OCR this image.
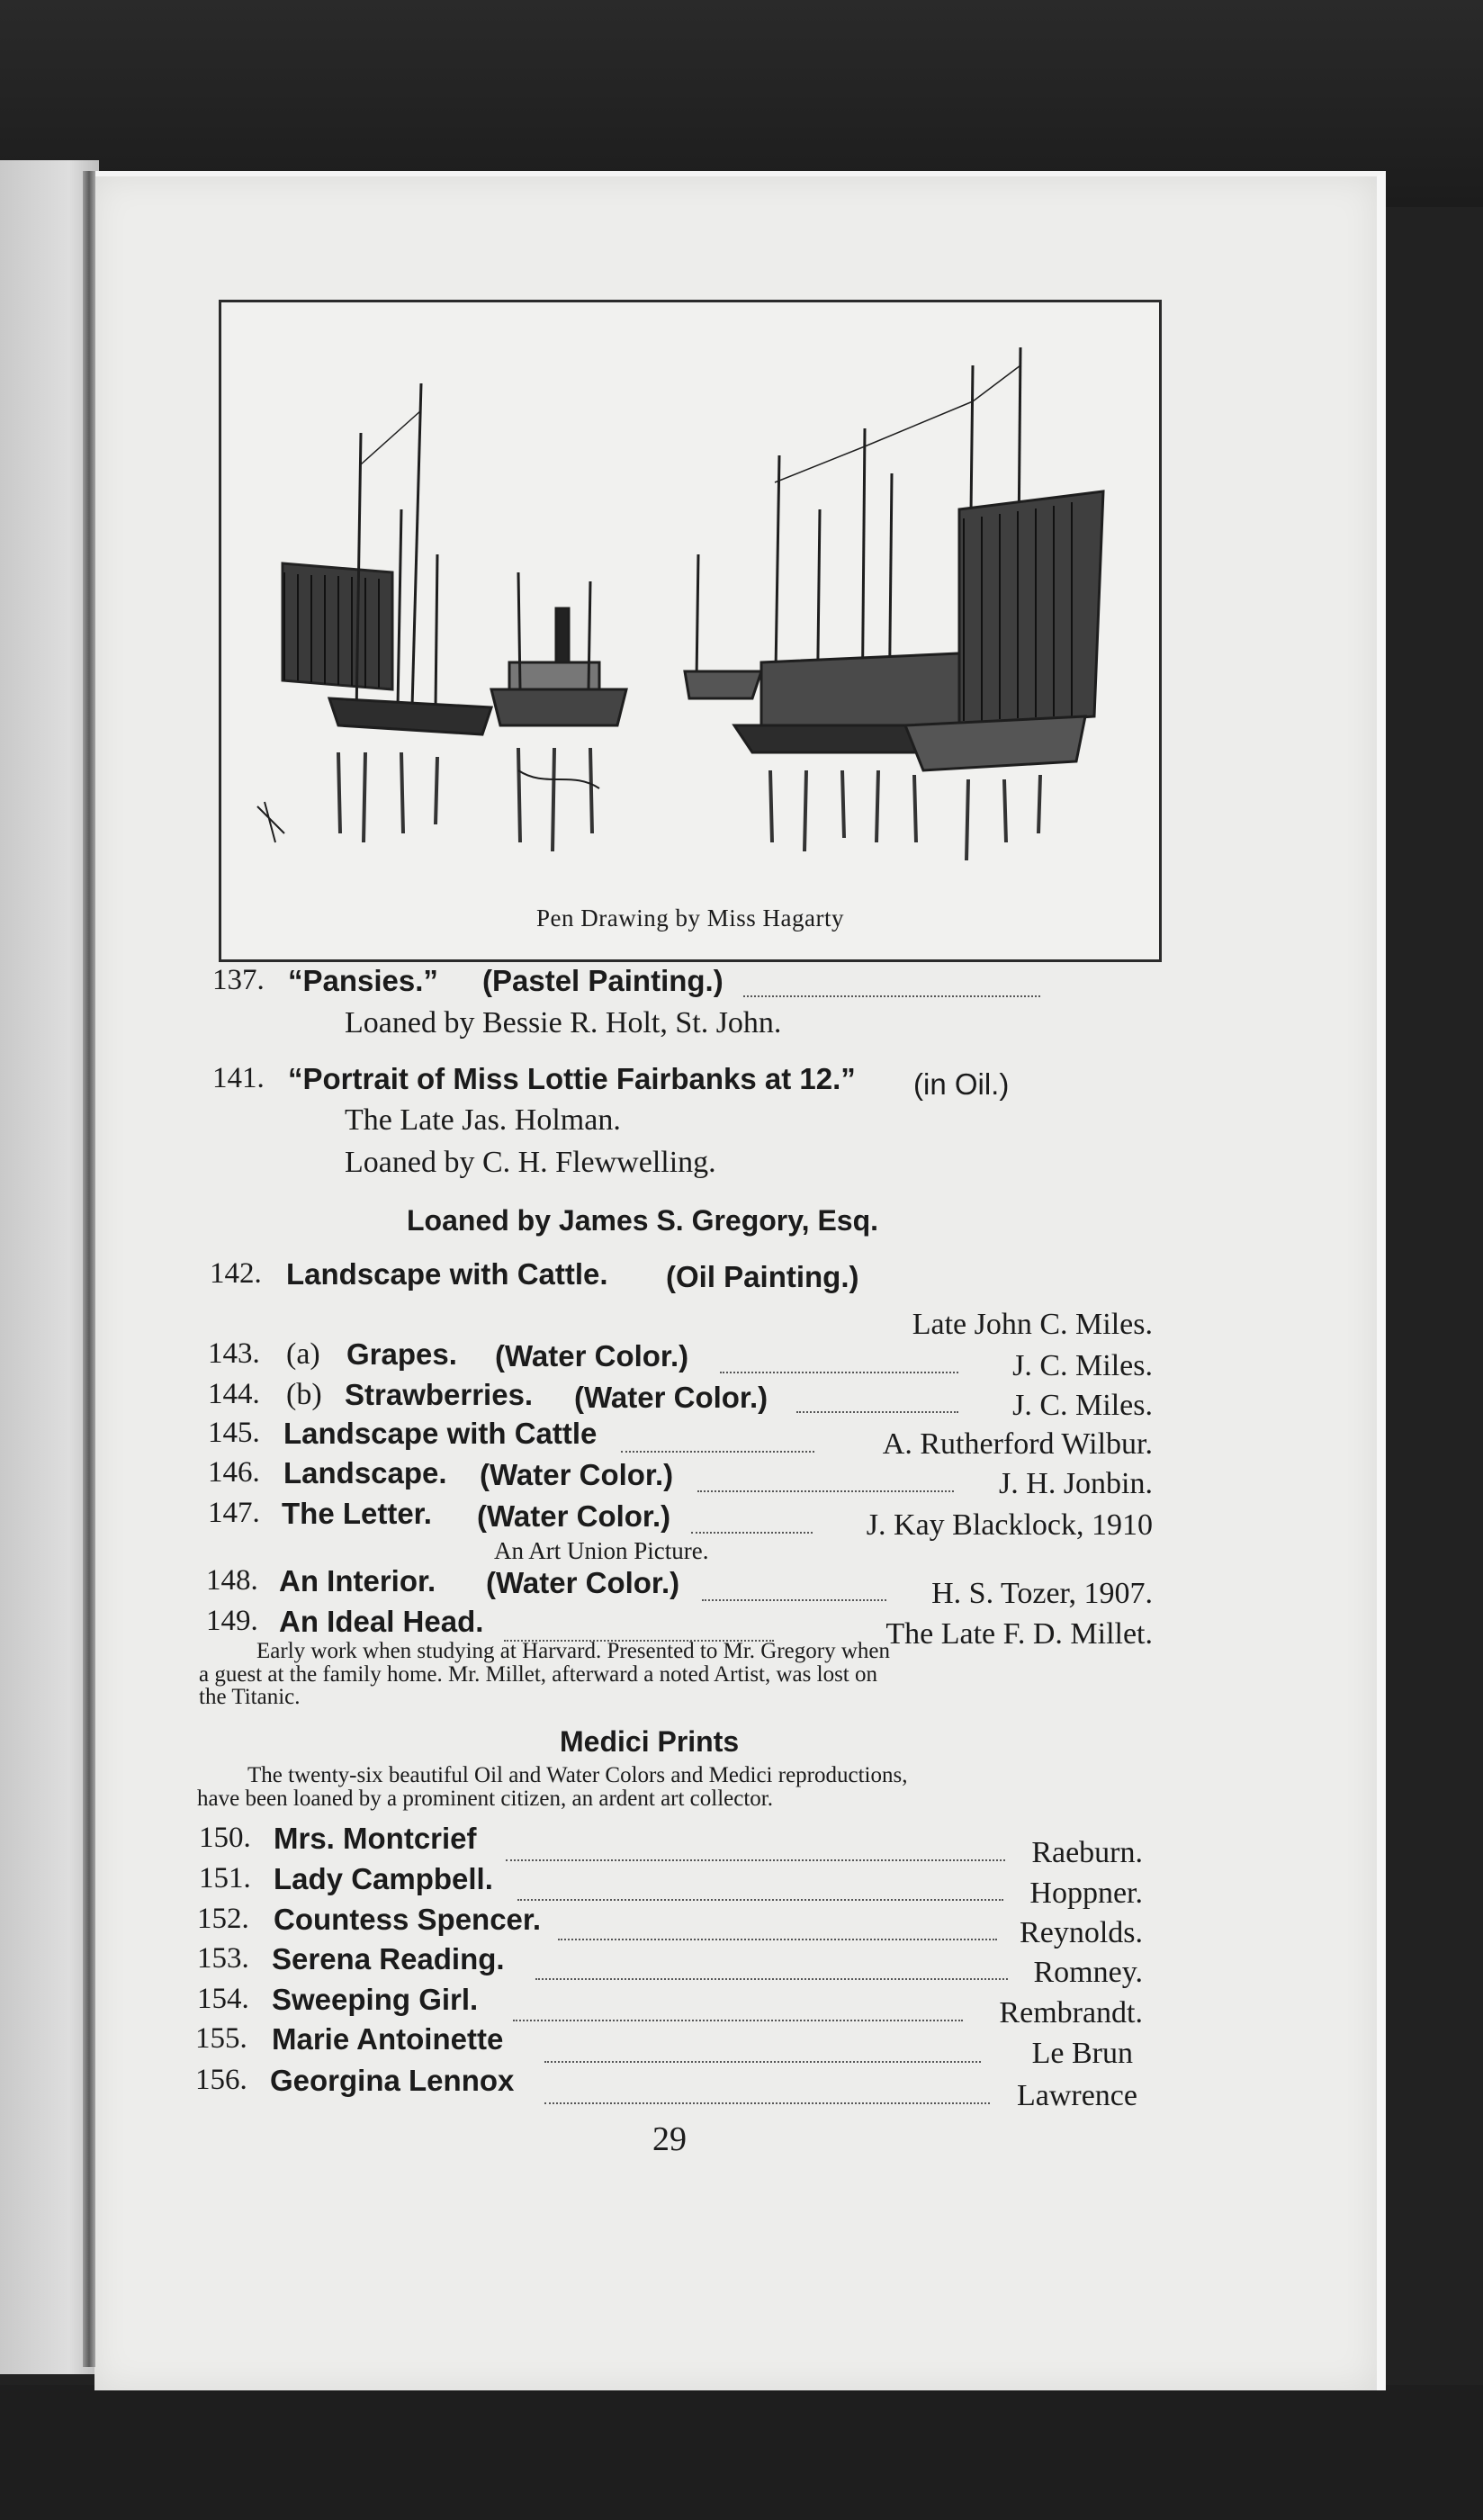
Pen Drawing by Miss Hagarty
137. “Pansies.” (Pastel Painting.)
Loaned by Bessie R. Holt, St. John.
141. “Portrait of Miss Lottie Fairbanks at 12.” (in Oil.)
The Late Jas. Holman.
Loaned by C. H. Flewwelling.
Loaned by James S. Gregory, Esq.
142. Landscape with Cattle. (Oil Painting.)
Late John C. Miles.
143. (a) Grapes. (Water Color.)	J. C. Miles.
144. (b) Strawberries. (Water Color.)	J. C. Miles.
145. Landscape with Cattle	A. Rutherford Wilbur.
146. Landscape. (Water Color.)	J. H. Jonbin.
147. The Letter. (Water Color.)	J. Kay Blacklock, 1910
An Art Union Picture.
148. An Interior. (Water Color.)	H. S. Tozer, 1907.
149. An Ideal Head.	The Late F. D. Millet.
Early work when studying at Harvard. Presented to Mr. Gregory when
a guest at the family home. Mr. Millet, afterward a noted Artist, was lost on
the Titanic.
Medici Prints
The twenty-six beautiful Oil and Water Colors and Medici reproductions,
have been loaned by a prominent citizen, an ardent art collector.
150. Mrs. Montcrief	Raeburn.
151. Lady Campbell.	Hoppner.
152. Countess Spencer.	Reynolds.
153. Serena Reading.	Romney.
154. Sweeping Girl.	Rembrandt.
155. Marie Antoinette	Le Brun
156. Georgina Lennox	Lawrence
29
